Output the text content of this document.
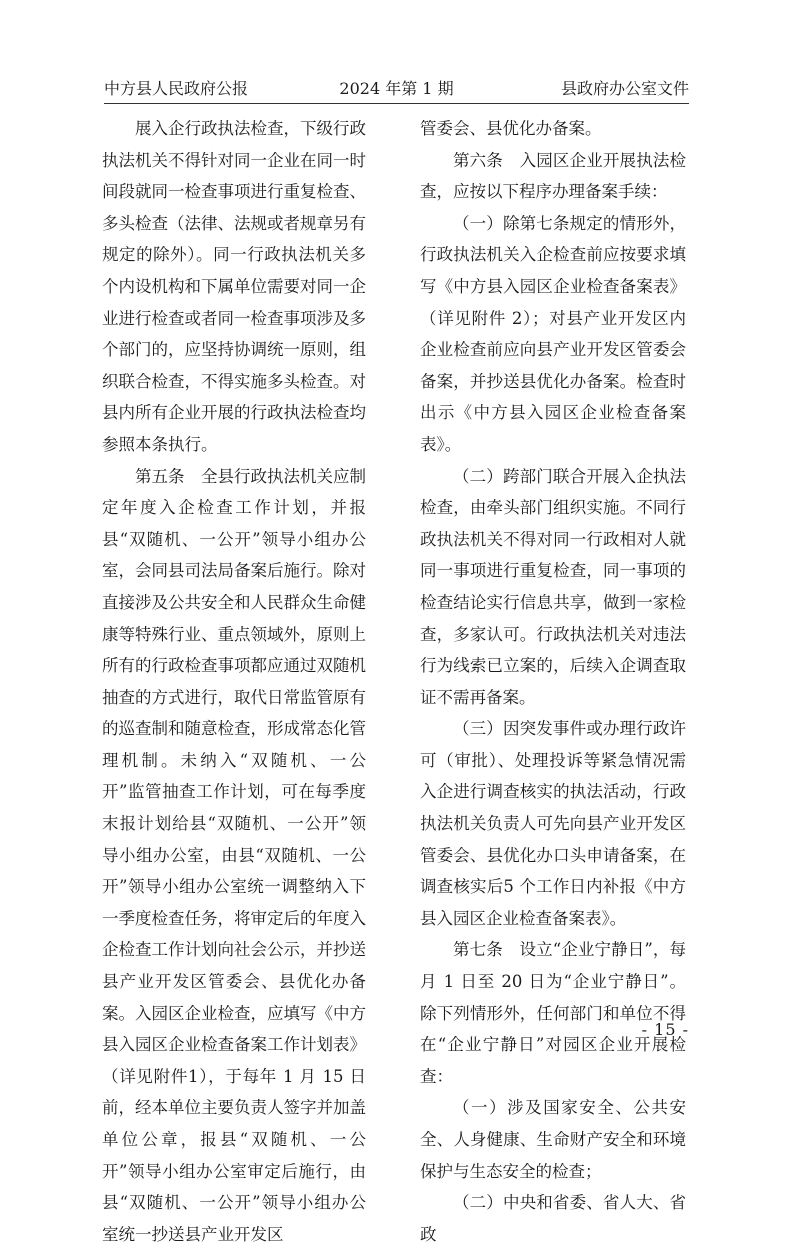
中方县人民政府公报	2024 年第 1 期	县政府办公室文件

展入企行政执法检查，下级行政执法机关不得针对同一企业在同一时间段就同一检查事项进行重复检查、多头检查（法律、法规或者规章另有规定的除外）。同一行政执法机关多个内设机构和下属单位需要对同一企业进行检查或者同一检查事项涉及多个部门的，应坚持协调统一原则，组织联合检查，不得实施多头检查。对县内所有企业开展的行政执法检查均参照本条执行。

第五条 全县行政执法机关应制定年度入企检查工作计划，并报县“双随机、一公开”领导小组办公室，会同县司法局备案后施行。除对直接涉及公共安全和人民群众生命健康等特殊行业、重点领域外，原则上所有的行政检查事项都应通过双随机抽查的方式进行，取代日常监管原有的巡查制和随意检查，形成常态化管理机制。未纳入“双随机、一公开”监管抽查工作计划，可在每季度末报计划给县“双随机、一公开”领导小组办公室，由县“双随机、一公开”领导小组办公室统一调整纳入下一季度检查任务，将审定后的年度入企检查工作计划向社会公示，并抄送县产业开发区管委会、县优化办备案。入园区企业检查，应填写《中方县入园区企业检查备案工作计划表》（详见附件1），于每年 1 月 15 日前，经本单位主要负责人签字并加盖单位公章，报县“双随机、一公开”领导小组办公室审定后施行，由县“双随机、一公开”领导小组办公室统一抄送县产业开发区

管委会、县优化办备案。

第六条 入园区企业开展执法检查，应按以下程序办理备案手续：

（一）除第七条规定的情形外，行政执法机关入企检查前应按要求填写《中方县入园区企业检查备案表》（详见附件 2）；对县产业开发区内企业检查前应向县产业开发区管委会备案，并抄送县优化办备案。检查时出示《中方县入园区企业检查备案表》。

（二）跨部门联合开展入企执法检查，由牵头部门组织实施。不同行政执法机关不得对同一行政相对人就同一事项进行重复检查，同一事项的检查结论实行信息共享，做到一家检查，多家认可。行政执法机关对违法行为线索已立案的，后续入企调查取证不需再备案。

（三）因突发事件或办理行政许可（审批）、处理投诉等紧急情况需入企进行调查核实的执法活动，行政执法机关负责人可先向县产业开发区管委会、县优化办口头申请备案，在调查核实后5 个工作日内补报《中方县入园区企业检查备案表》。

第七条 设立“企业宁静日”，每月 1 日至 20 日为“企业宁静日”。除下列情形外，任何部门和单位不得在“企业宁静日”对园区企业开展检查：

（一）涉及国家安全、公共安全、人身健康、生命财产安全和环境保护与生态安全的检查；

（二）中央和省委、省人大、省政

- 15 -
